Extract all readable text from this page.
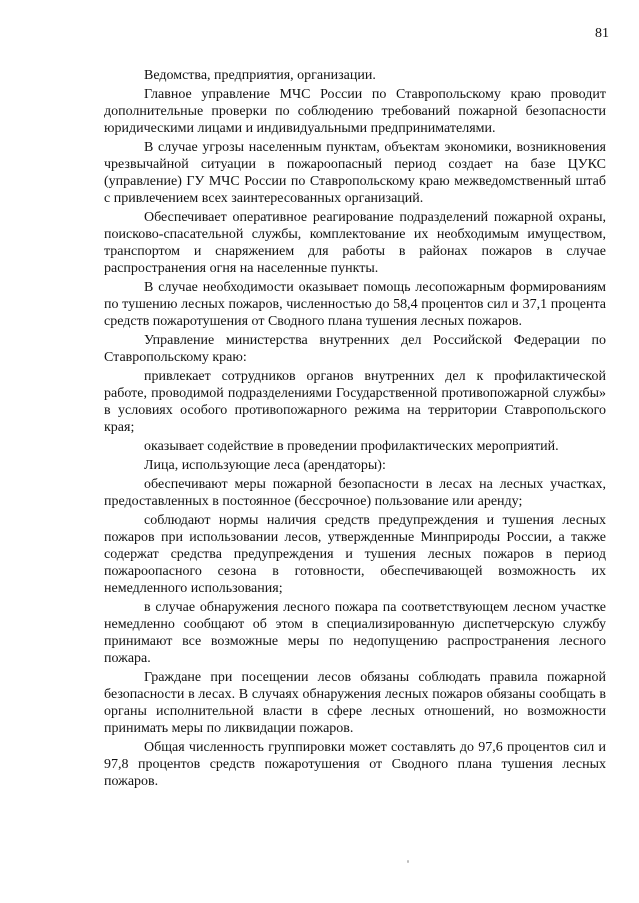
81

Ведомства, предприятия, организации.

Главное управление МЧС России по Ставропольскому краю проводит дополнительные проверки по соблюдению требований пожарной безопасности юридическими лицами и индивидуальными предпринимателями.

В случае угрозы населенным пунктам, объектам экономики, возникновения чрезвычайной ситуации в пожароопасный период создает на базе ЦУКС (управление) ГУ МЧС России по Ставропольскому краю межведомственный штаб с привлечением всех заинтересованных организаций.

Обеспечивает оперативное реагирование подразделений пожарной охраны, поисково-спасательной службы, комплектование их необходимым имуществом, транспортом и снаряжением для работы в районах пожаров в случае распространения огня на населенные пункты.

В случае необходимости оказывает помощь лесопожарным формированиям по тушению лесных пожаров, численностью до 58,4 процентов сил и 37,1 процента средств пожаротушения от Сводного плана тушения лесных пожаров.

Управление министерства внутренних дел Российской Федерации по Ставропольскому краю:

привлекает сотрудников органов внутренних дел к профилактической работе, проводимой подразделениями Государственной противопожарной службы» в условиях особого противопожарного режима на территории Ставропольского края;

оказывает содействие в проведении профилактических мероприятий.

Лица, использующие леса (арендаторы):

обеспечивают меры пожарной безопасности в лесах на лесных участках, предоставленных в постоянное (бессрочное) пользование или аренду;

соблюдают нормы наличия средств предупреждения и тушения лесных пожаров при использовании лесов, утвержденные Минприроды России, а также содержат средства предупреждения и тушения лесных пожаров в период пожароопасного сезона в готовности, обеспечивающей возможность их немедленного использования;

в случае обнаружения лесного пожара па соответствующем лесном участке немедленно сообщают об этом в специализированную диспетчерскую службу принимают все возможные меры по недопущению распространения лесного пожара.

Граждане при посещении лесов обязаны соблюдать правила пожарной безопасности в лесах. В случаях обнаружения лесных пожаров обязаны сообщать в органы исполнительной власти в сфере лесных отношений, но возможности принимать меры по ликвидации пожаров.

Общая численность группировки может составлять до 97,6 процентов сил и 97,8 процентов средств пожаротушения от Сводного плана тушения лесных пожаров.
